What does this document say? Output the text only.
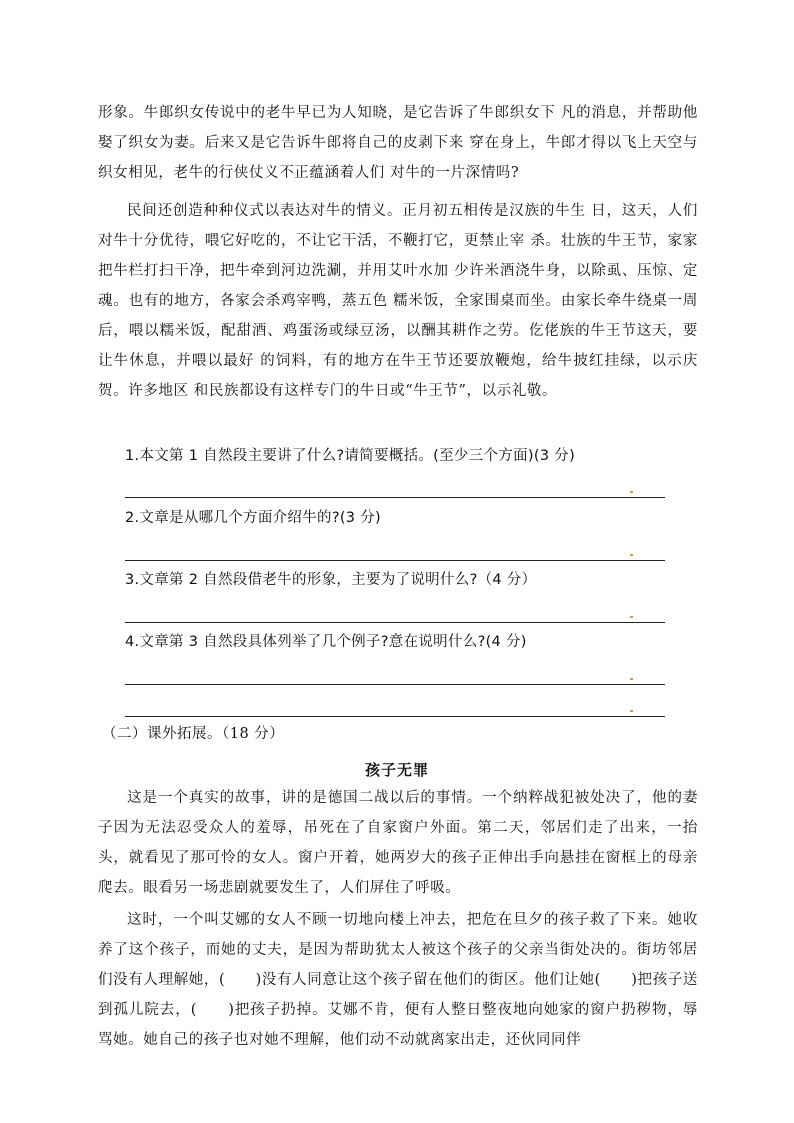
形象。牛郎织女传说中的老牛早已为人知晓，是它告诉了牛郎织女下 凡的消息，并帮助他娶了织女为妻。后来又是它告诉牛郎将自己的皮剥下来 穿在身上，牛郎才得以飞上天空与织女相见，老牛的行侠仗义不正蕴涵着人们 对牛的一片深情吗?
民间还创造种种仪式以表达对牛的情义。正月初五相传是汉族的牛生 日，这天，人们对牛十分优待，喂它好吃的，不让它干活，不鞭打它，更禁止宰 杀。壮族的牛王节，家家把牛栏打扫干净，把牛牵到河边洗涮，并用艾叶水加 少许米酒浇牛身，以除虱、压惊、定魂。也有的地方，各家会杀鸡宰鸭，蒸五色 糯米饭，全家围桌而坐。由家长牵牛绕桌一周后，喂以糯米饭，配甜酒、鸡蛋汤或绿豆汤，以酬其耕作之劳。仡佬族的牛王节这天，要让牛休息，并喂以最好 的饲料，有的地方在牛王节还要放鞭炮，给牛披红挂绿，以示庆贺。许多地区 和民族都设有这样专门的牛日或“牛王节”，以示礼敬。
1.本文第 1 自然段主要讲了什么?请简要概括。(至少三个方面)(3 分)
2.文章是从哪几个方面介绍牛的?(3 分)
3.文章第 2 自然段借老牛的形象，主要为了说明什么?（4 分）
4.文章第 3 自然段具体列举了几个例子?意在说明什么?(4 分)
（二）课外拓展。（18 分）
孩子无罪
这是一个真实的故事，讲的是德国二战以后的事情。一个纳粹战犯被处决了，他的妻子因为无法忍受众人的羞辱，吊死在了自家窗户外面。第二天，邻居们走了出来，一抬头，就看见了那可怜的女人。窗户开着，她两岁大的孩子正伸出手向悬挂在窗框上的母亲爬去。眼看另一场悲剧就要发生了，人们屏住了呼吸。
这时，一个叫艾娜的女人不顾一切地向楼上冲去，把危在旦夕的孩子救了下来。她收养了这个孩子，而她的丈夫，是因为帮助犹太人被这个孩子的父亲当街处决的。街坊邻居们没有人理解她，(　　)没有人同意让这个孩子留在他们的街区。他们让她(　　)把孩子送到孤儿院去，(　　)把孩子扔掉。艾娜不肯，便有人整日整夜地向她家的窗户扔秽物，辱骂她。她自己的孩子也对她不理解，他们动不动就离家出走，还伙同同伴
